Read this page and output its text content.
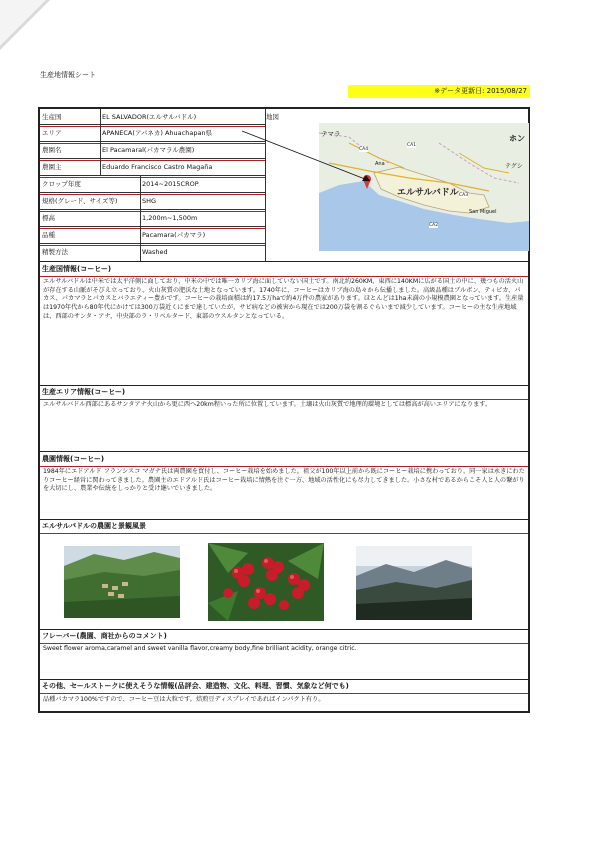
生産地情報シート
※データ更新日: 2015/08/27
生産国	EL SALVADOR(エルサルバドル)
エリア	APANECA(アパネカ) Ahuachapan県
農園名	El Pacamaral(パカマラル農園)
農園主	Eduardo Francisco Castro Magaña
クロップ年度	2014~2015CROP
規格(グレード、サイズ等)	SHG
標高	1,200m~1,500m
品種	Pacamara(パカマラ)
精製方法	Washed
地図
テマラ
エルサルバドル
ホン
テグシ
San Miguel
Ana
CA1
CA4
CA3
CA2
生産国情報(コーヒー)
エルサルバドルは中米では太平洋側に面しており、中米の中では唯一カリブ海に面していない国土です。南北約260KM、東西に140KMに広がる国土の中に、幾つもの活火山が存在する山脈がそびえ立っており、火山灰質の肥沃な土地となっています。1740年に、コーヒーはカリブ海の島々から伝播しました。高級品種はブルボン、ティピカ、パカス、パカマラとパカスとバラエティー豊かです。コーヒーの栽培面積は約17.5万haで約4万件の農家があります。ほとんどは1ha未満の小規模農園となっています。生産量は1970年代から80年代にかけては300万袋近くにまで達していたが、サビ病などの被害から現在では200万袋を割るぐらいまで減少しています。コーヒーの主な生産地域は、西部のサンタ・アナ、中央部のラ・リベルタード、東部のウスルタンとなっている。
生産エリア情報(コーヒー)
エルサルバドル西部にあるサンタアナ火山から更に西へ20km程いった所に位置しています。土壌は火山灰質で地理的環境としては標高が高いエリアになります。
農園情報(コーヒー)
1984年にエドアルド フランシスコ マガナ氏は両農園を買付し、コーヒー栽培を始めました。祖父が100年以上前から既にコーヒー栽培に携わっており、同一家は永きにわたりコーヒー経営に関わってきました。農園主のエドアルド氏はコーヒー栽培に情熱を注ぐ一方、地域の活性化にも尽力してきました。小さな村であるからこそ人と人の繋がりを大切にし、農業や伝統をしっかりと受け継いでいきました。
エルサルバドルの農園と景観風景
フレーバー(農園、商社からのコメント)
Sweet flower aroma,caramel and sweet vanilla flavor,creamy body,fine brilliant acidity, orange citric.
その他、セールストークに使えそうな情報(品評会、建造物、文化、料理、習慣、気象など何でも)
品種パカマラ100%ですので、コーヒー豆は大粒です。焙煎豆ディスプレイであればインパクト有り。
